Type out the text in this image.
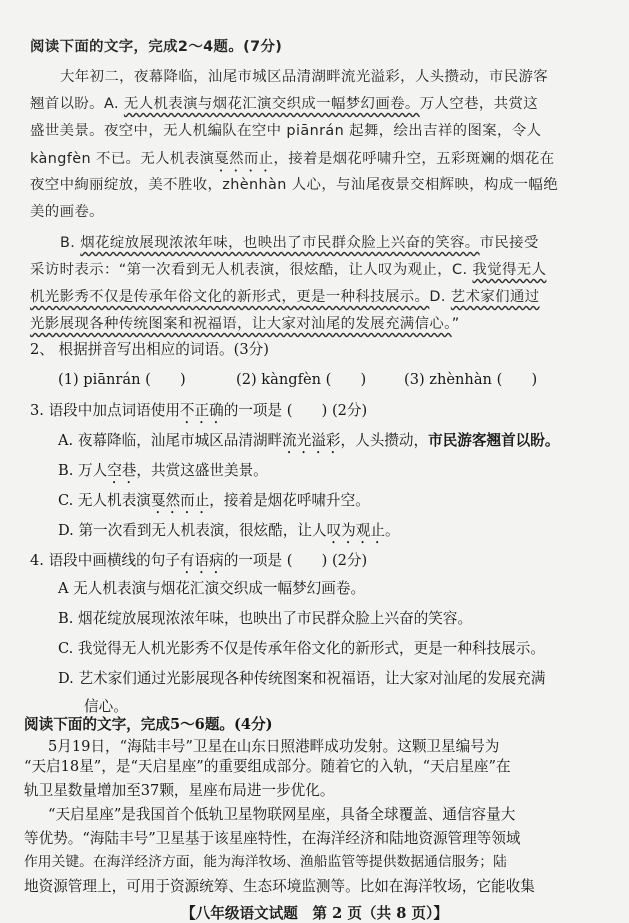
阅读下面的文字，完成2～4题。(7分)
大年初二，夜幕降临，汕尾市城区品清湖畔流光溢彩，人头攒动，市民游客
翘首以盼。A. 无人机表演与烟花汇演交织成一幅梦幻画卷。万人空巷，共赏这
盛世美景。夜空中，无人机編队在空中 piānrán 起舞，绘出吉祥的图案，令人
kàngfèn 不已。无人机表演戛然而止，接着是烟花呼啸升空，五彩斑斓的烟花在
夜空中絢丽绽放，美不胜收，zhènhàn 人心，与汕尾夜景交相辉映，构成一幅绝
美的画卷。
B. 烟花绽放展现浓浓年味，也映出了市民群众脸上兴奋的笑容。市民接受
采访时表示：“第一次看到无人机表演，很炫酷，让人叹为观止，C. 我觉得无人
机光影秀不仅是传承年俗文化的新形式，更是一种科技展示。D. 艺术家们通过
光影展现各种传统图案和祝福语，让大家对汕尾的发展充满信心。”
2、 根据拼音写出相应的词语。(3分)
(1) piānrán (　　)	(2) kàngfèn (　　)	(3) zhènhàn (　　)
3. 语段中加点词语使用不正确的一项是 (　　) (2分)
A. 夜幕降临，汕尾市城区品清湖畔流光溢彩，人头攒动，市民游客翘首以盼。
B. 万人空巷，共赏这盛世美景。
C. 无人机表演戛然而止，接着是烟花呼啸升空。
D. 第一次看到无人机表演，很炫酷，让人叹为观止。
4. 语段中画横线的句子有语病的一项是 (　　) (2分)
A 无人机表演与烟花汇演交织成一幅梦幻画卷。
B. 烟花绽放展现浓浓年味，也映出了市民群众脸上兴奋的笑容。
C. 我觉得无人机光影秀不仅是传承年俗文化的新形式，更是一种科技展示。
D. 艺术家们通过光影展现各种传统图案和祝福语，让大家对汕尾的发展充满
信心。
阅读下面的文字，完成5～6题。(4分)
5月19日，“海陆丰号”卫星在山东日照港畔成功发射。这颗卫星编号为
“天启18星”，是“天启星座”的重要组成部分。随着它的入轨，“天启星座”在
轨卫星数量增加至37颗，星座布局进一步优化。
“天启星座”是我国首个低轨卫星物联网星座，具备全球覆盖、通信容量大
等优势。“海陆丰号”卫星基于该星座特性，在海洋经济和陆地资源管理等领域
作用关键。在海洋经济方面，能为海洋牧场、渔船监管等提供数据通信服务；陆
【八年级语文试题　第 2 页（共 8 页）】
地资源管理上，可用于资源统筹、生态环境监测等。比如在海洋牧场，它能收集
